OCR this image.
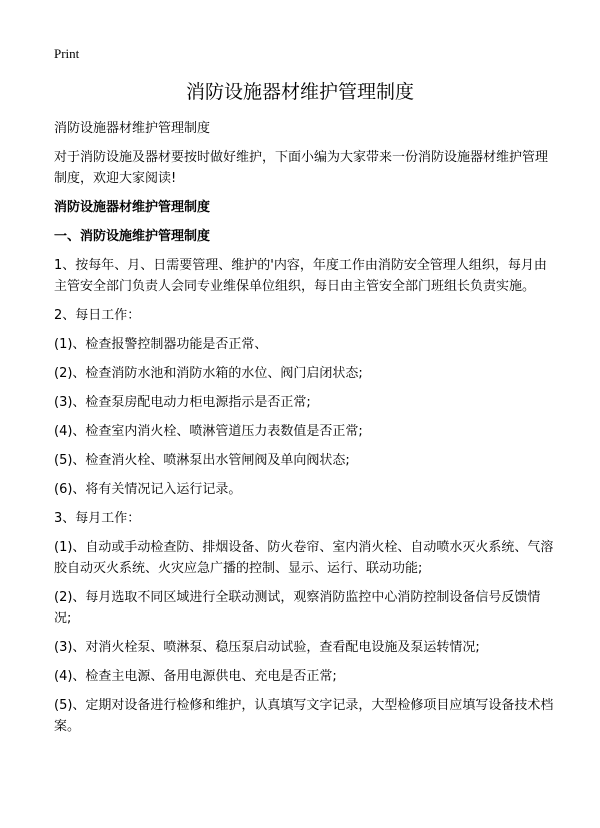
Print
消防设施器材维护管理制度

消防设施器材维护管理制度

对于消防设施及器材要按时做好维护，下面小编为大家带来一份消防设施器材维护管理制度，欢迎大家阅读!

消防设施器材维护管理制度

一、消防设施维护管理制度

1、按每年、月、日需要管理、维护的'内容，年度工作由消防安全管理人组织，每月由主管安全部门负责人会同专业维保单位组织，每日由主管安全部门班组长负责实施。

2、每日工作：

(1)、检查报警控制器功能是否正常、

(2)、检查消防水池和消防水箱的水位、阀门启闭状态;

(3)、检查泵房配电动力柜电源指示是否正常;

(4)、检查室内消火栓、喷淋管道压力表数值是否正常;

(5)、检查消火栓、喷淋泵出水管闸阀及单向阀状态;

(6)、将有关情况记入运行记录。

3、每月工作：

(1)、自动或手动检查防、排烟设备、防火卷帘、室内消火栓、自动喷水灭火系统、气溶胶自动灭火系统、火灾应急广播的控制、显示、运行、联动功能;

(2)、每月选取不同区域进行全联动测试，观察消防监控中心消防控制设备信号反馈情况;

(3)、对消火栓泵、喷淋泵、稳压泵启动试验，查看配电设施及泵运转情况;

(4)、检查主电源、备用电源供电、充电是否正常;

(5)、定期对设备进行检修和维护，认真填写文字记录，大型检修项目应填写设备技术档案。
